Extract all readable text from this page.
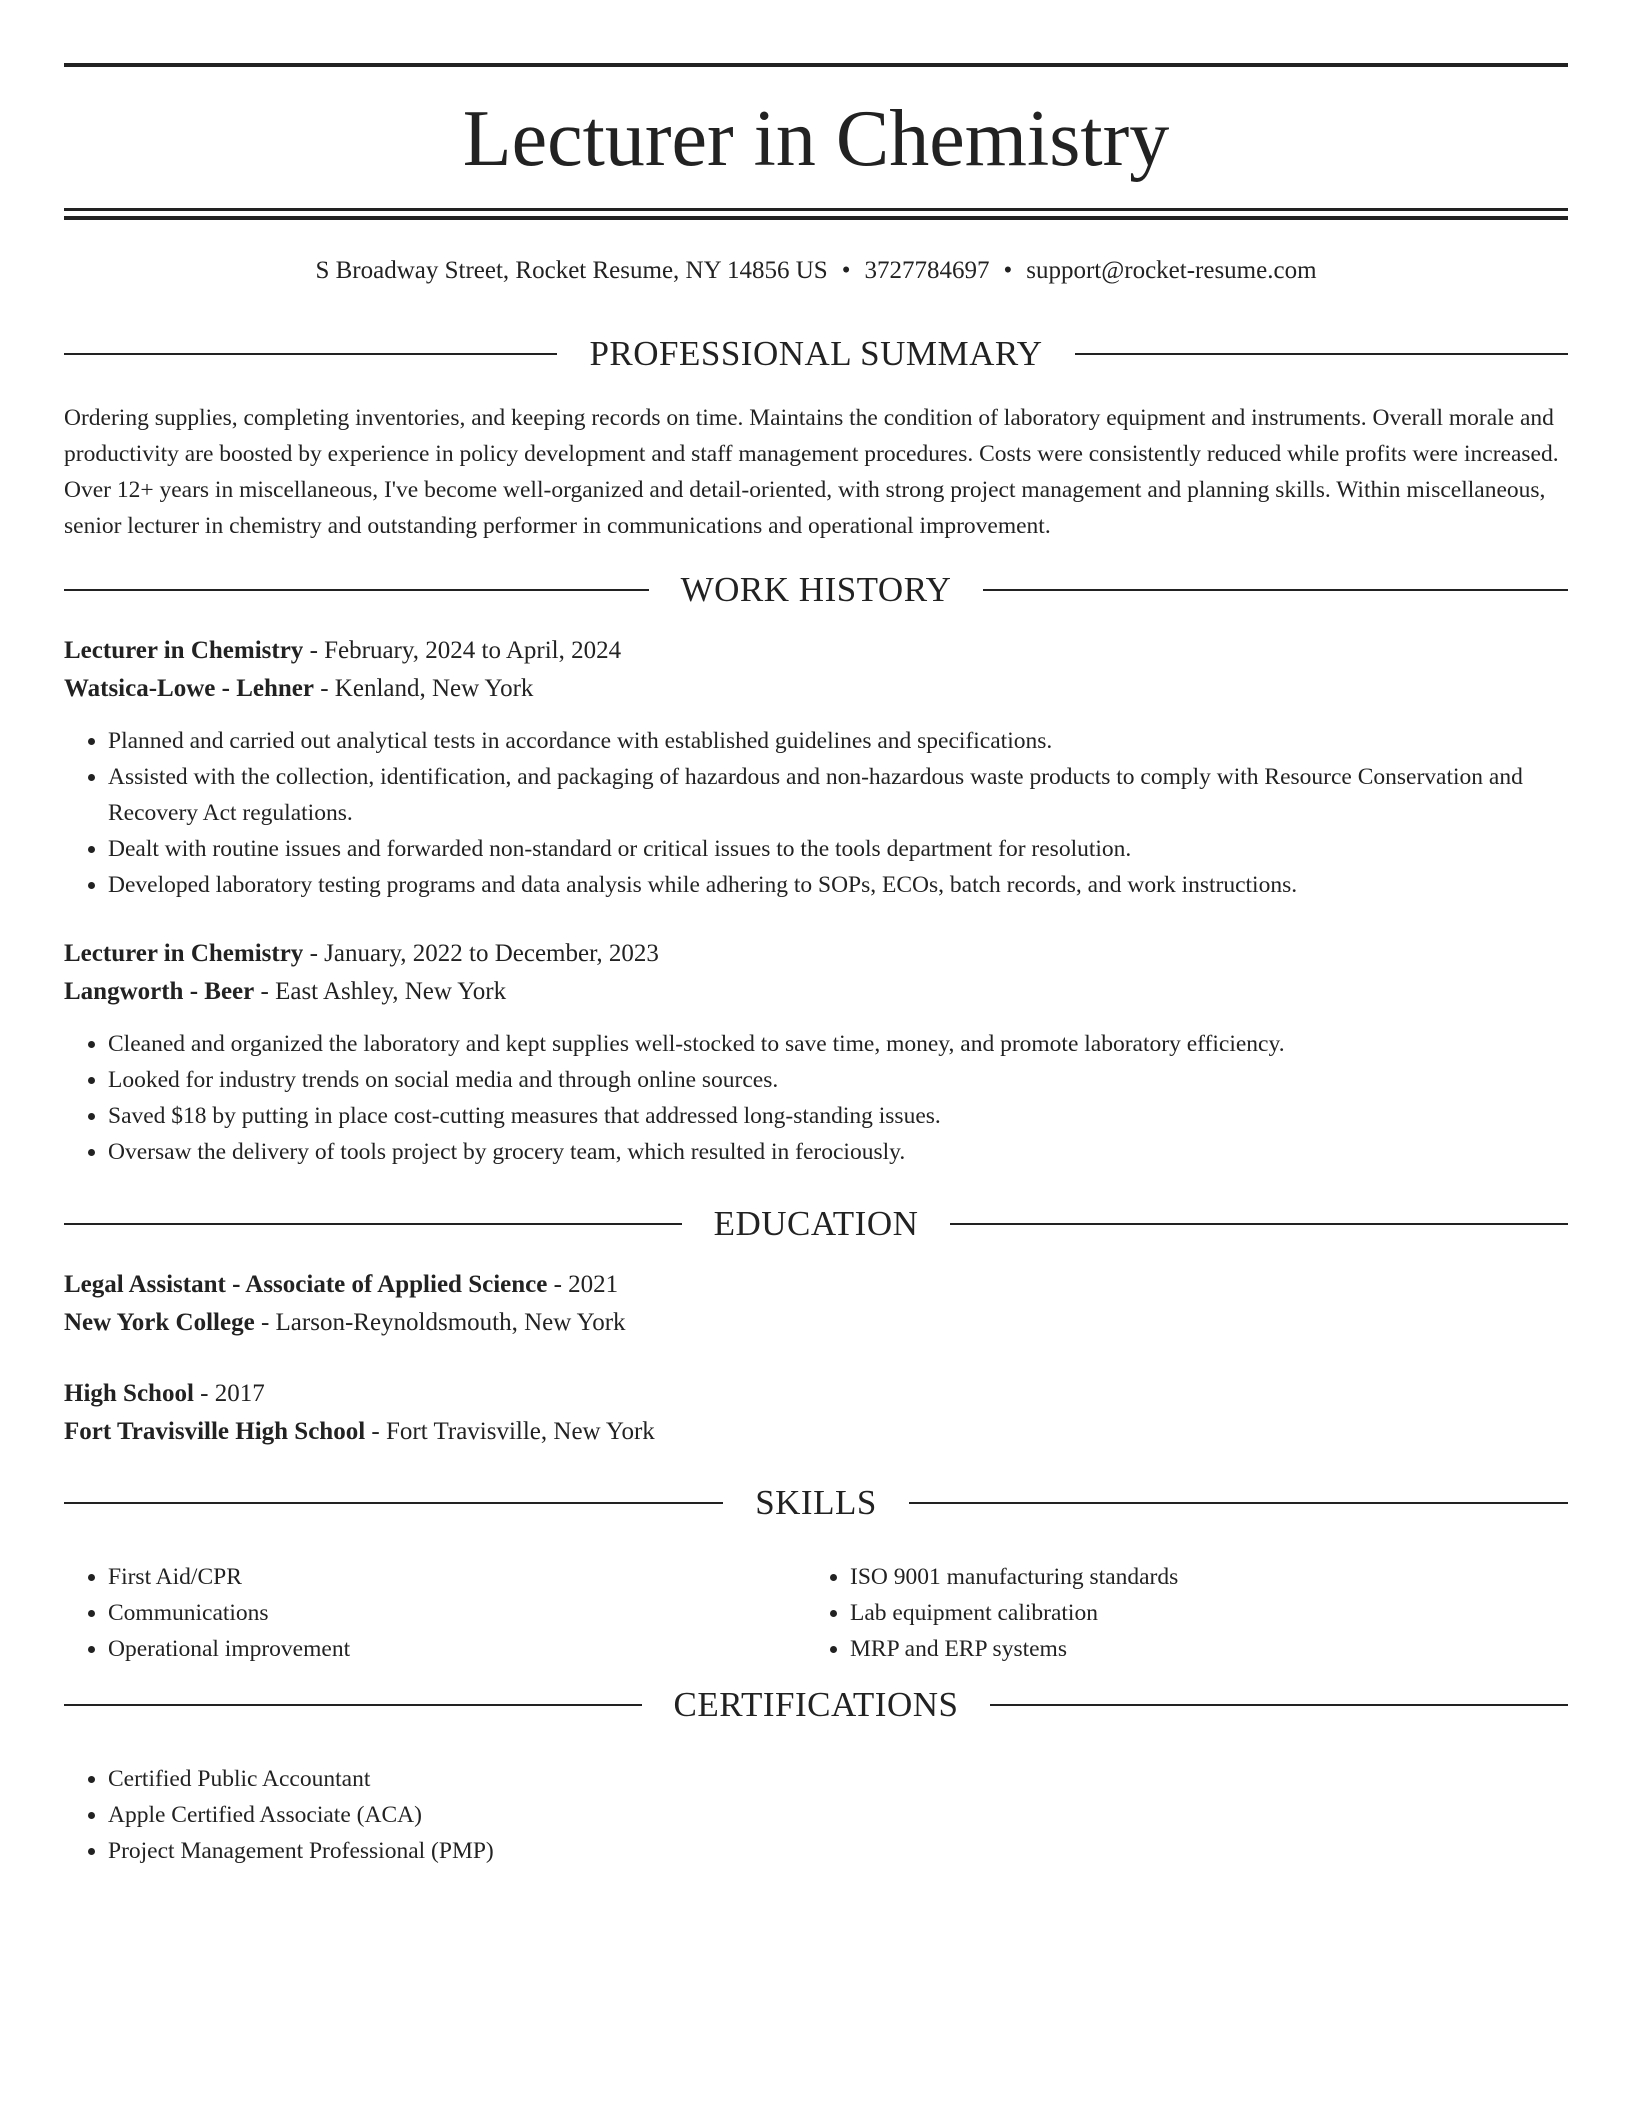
Lecturer in Chemistry
S Broadway Street, Rocket Resume, NY 14856 US • 3727784697 • support@rocket-resume.com
PROFESSIONAL SUMMARY

Ordering supplies, completing inventories, and keeping records on time. Maintains the condition of laboratory equipment and instruments. Overall morale and productivity are boosted by experience in policy development and staff management procedures. Costs were consistently reduced while profits were increased. Over 12+ years in miscellaneous, I've become well-organized and detail-oriented, with strong project management and planning skills. Within miscellaneous, senior lecturer in chemistry and outstanding performer in communications and operational improvement.

WORK HISTORY
Lecturer in Chemistry - February, 2024 to April, 2024
Watsica-Lowe - Lehner - Kenland, New York
• Planned and carried out analytical tests in accordance with established guidelines and specifications.
• Assisted with the collection, identification, and packaging of hazardous and non-hazardous waste products to comply with Resource Conservation and Recovery Act regulations.
• Dealt with routine issues and forwarded non-standard or critical issues to the tools department for resolution.
• Developed laboratory testing programs and data analysis while adhering to SOPs, ECOs, batch records, and work instructions.
Lecturer in Chemistry - January, 2022 to December, 2023
Langworth - Beer - East Ashley, New York
• Cleaned and organized the laboratory and kept supplies well-stocked to save time, money, and promote laboratory efficiency.
• Looked for industry trends on social media and through online sources.
• Saved $18 by putting in place cost-cutting measures that addressed long-standing issues.
• Oversaw the delivery of tools project by grocery team, which resulted in ferociously.
EDUCATION
Legal Assistant - Associate of Applied Science - 2021
New York College - Larson-Reynoldsmouth, New York
High School - 2017
Fort Travisville High School - Fort Travisville, New York
SKILLS
• First Aid/CPR
• Communications
• Operational improvement
• ISO 9001 manufacturing standards
• Lab equipment calibration
• MRP and ERP systems
CERTIFICATIONS
• Certified Public Accountant
• Apple Certified Associate (ACA)
• Project Management Professional (PMP)
